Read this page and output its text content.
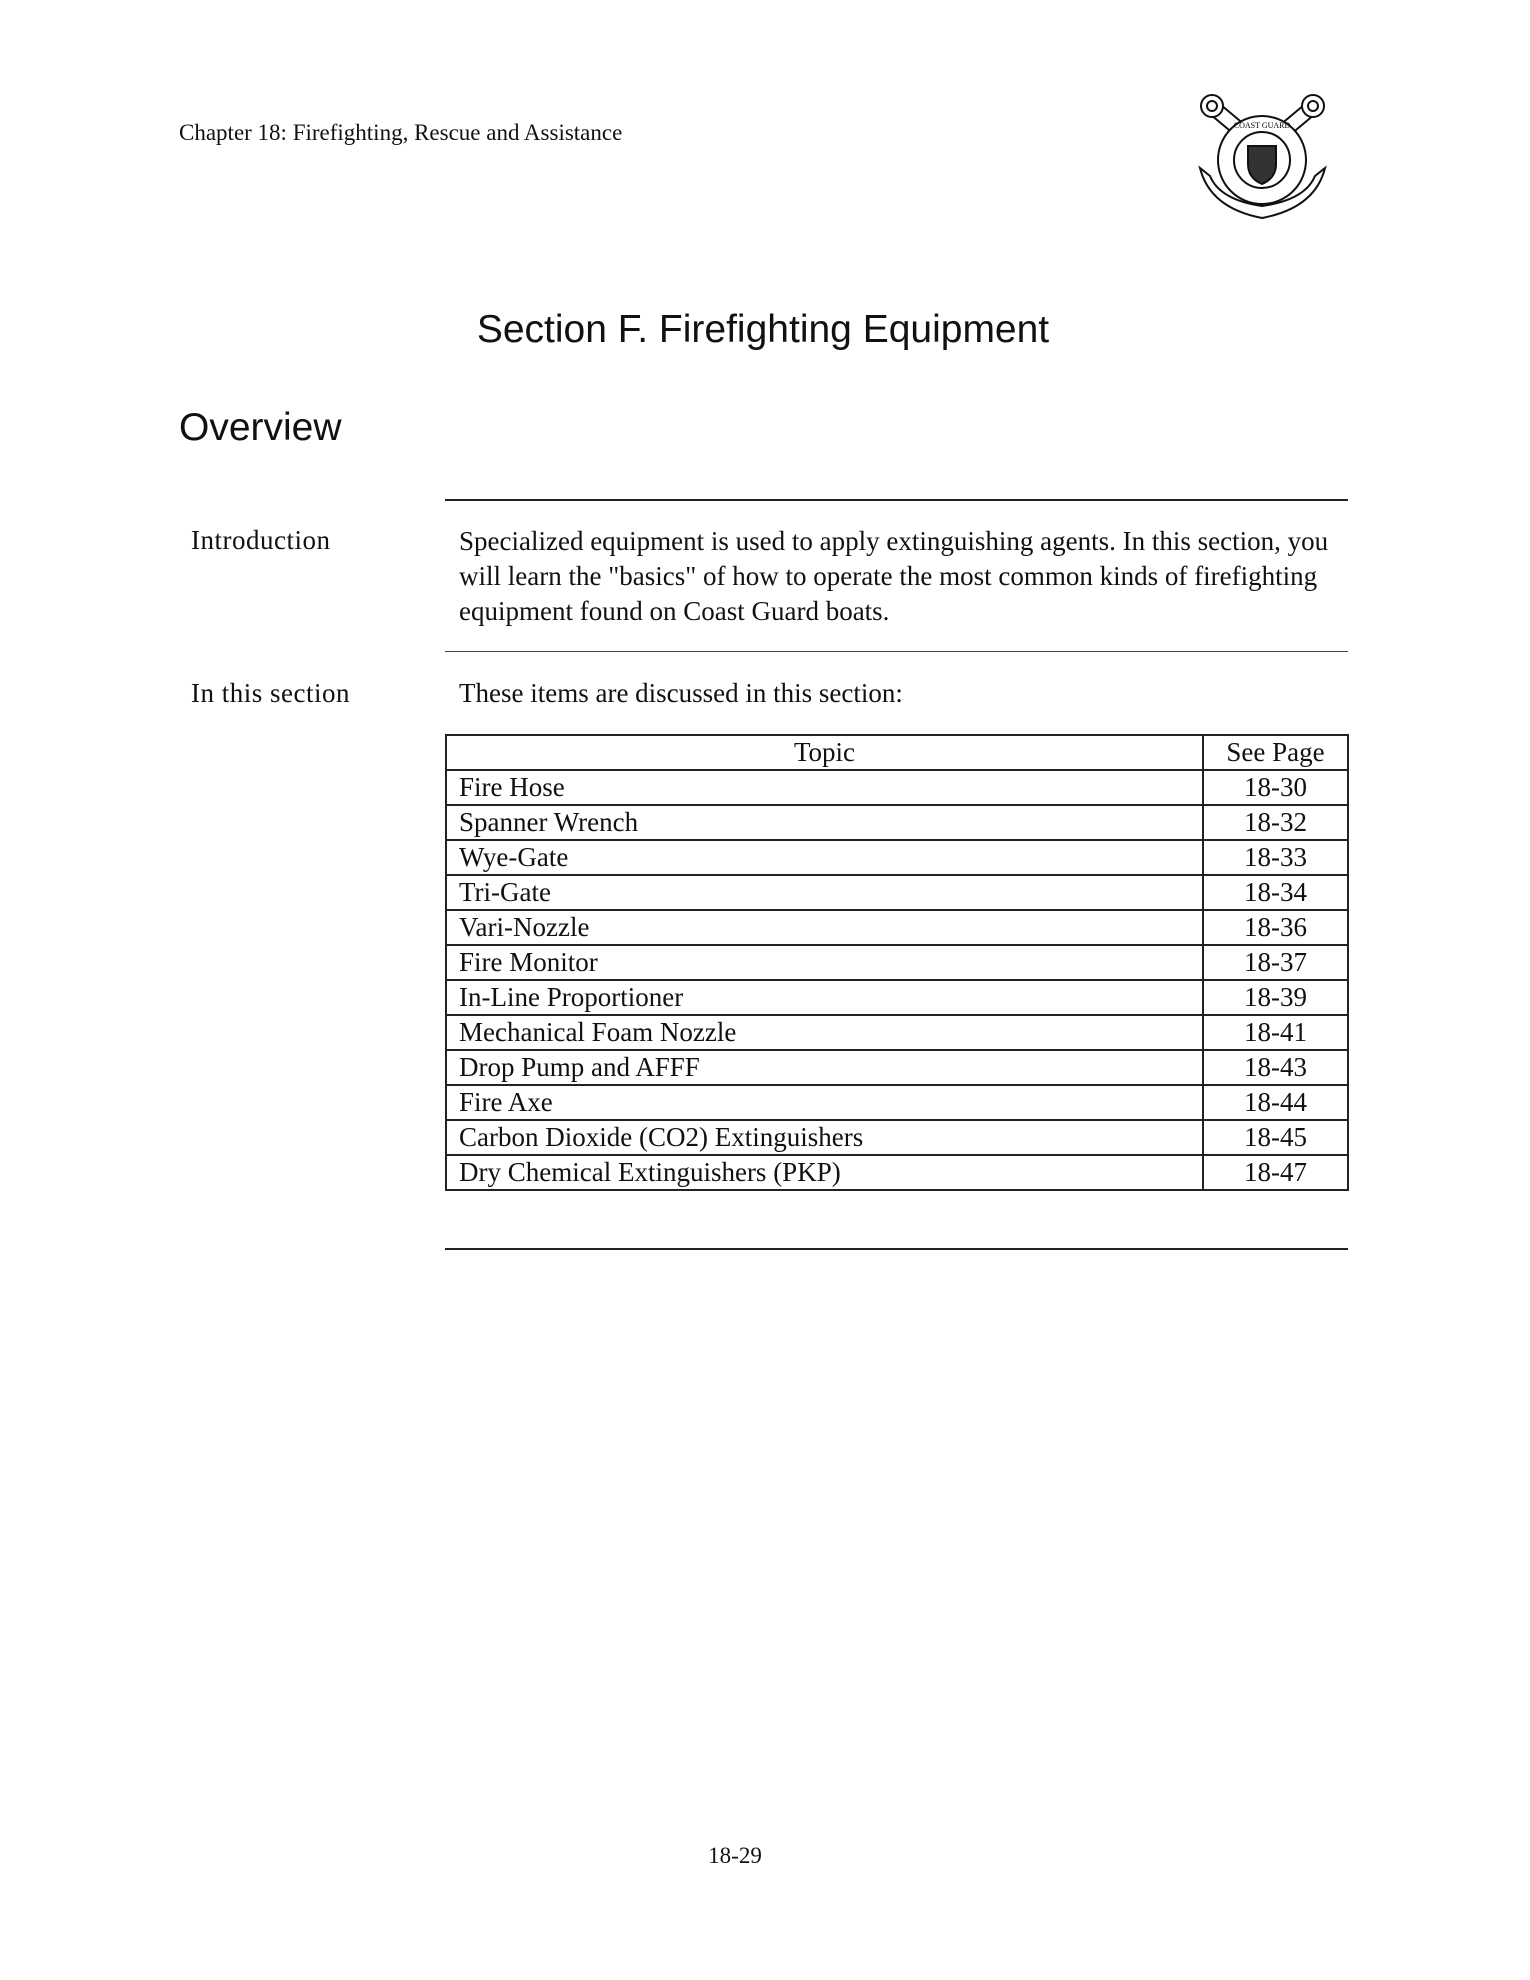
Chapter 18: Firefighting, Rescue and Assistance	COAST GUARD
Section F. Firefighting Equipment
Overview
Introduction	Specialized equipment is used to apply extinguishing agents. In this section, you will learn the "basics" of how to operate the most common kinds of firefighting equipment found on Coast Guard boats.
In this section	These items are discussed in this section:
Topic	See Page
Fire Hose	18-30
Spanner Wrench	18-32
Wye-Gate	18-33
Tri-Gate	18-34
Vari-Nozzle	18-36
Fire Monitor	18-37
In-Line Proportioner	18-39
Mechanical Foam Nozzle	18-41
Drop Pump and AFFF	18-43
Fire Axe	18-44
Carbon Dioxide (CO2) Extinguishers	18-45
Dry Chemical Extinguishers (PKP)	18-47
18-29
